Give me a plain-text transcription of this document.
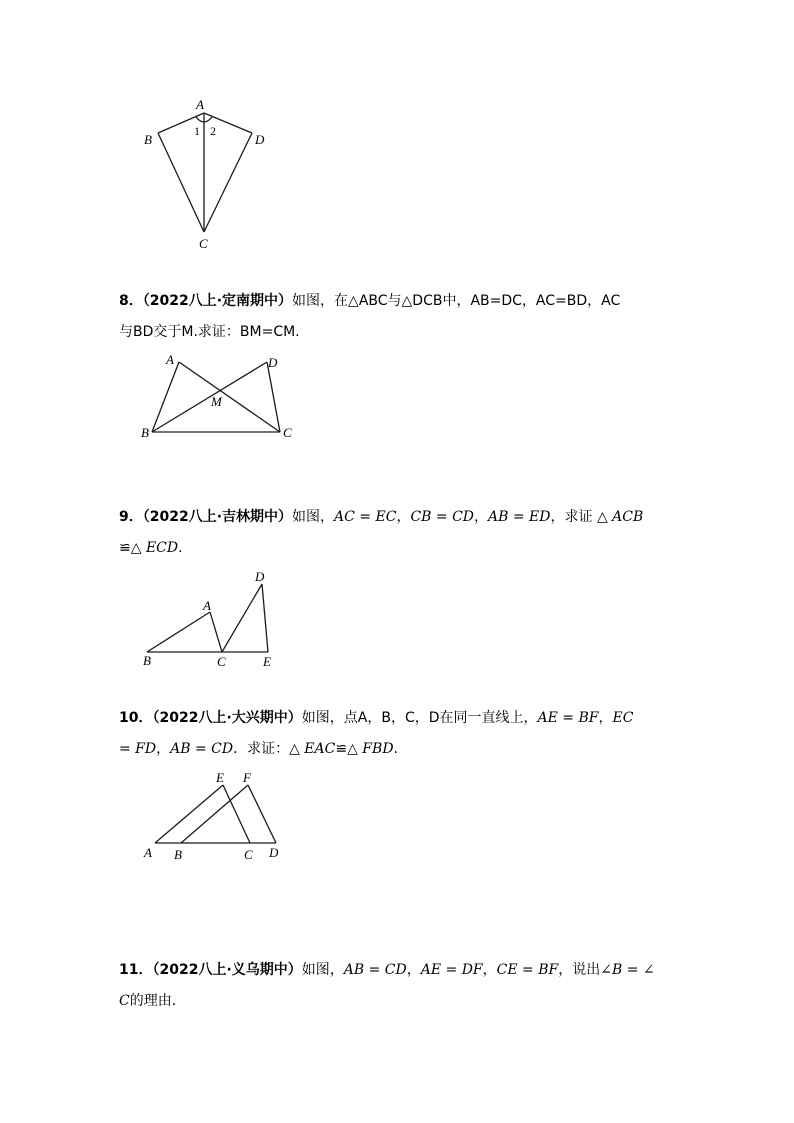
A
B	D
C
1 2
8．（2022八上·定南期中）如图，在△ABC与△DCB中，AB=DC，AC=BD，AC
与BD交于M.求证：BM=CM.
A	D
M
B	C
9．（2022八上·吉林期中）如图，AC = EC，CB = CD，AB = ED，求证 △ ACB
≌△ ECD.
A
D
B	C	E
10．（2022八上·大兴期中）如图，点A，B，C，D在同一直线上，AE = BF，EC
= FD，AB = CD．求证：△ EAC≌△ FBD.
E F
A B	C D
11．（2022八上·义乌期中）如图，AB = CD，AE = DF，CE = BF，说出∠B = ∠
C的理由．
